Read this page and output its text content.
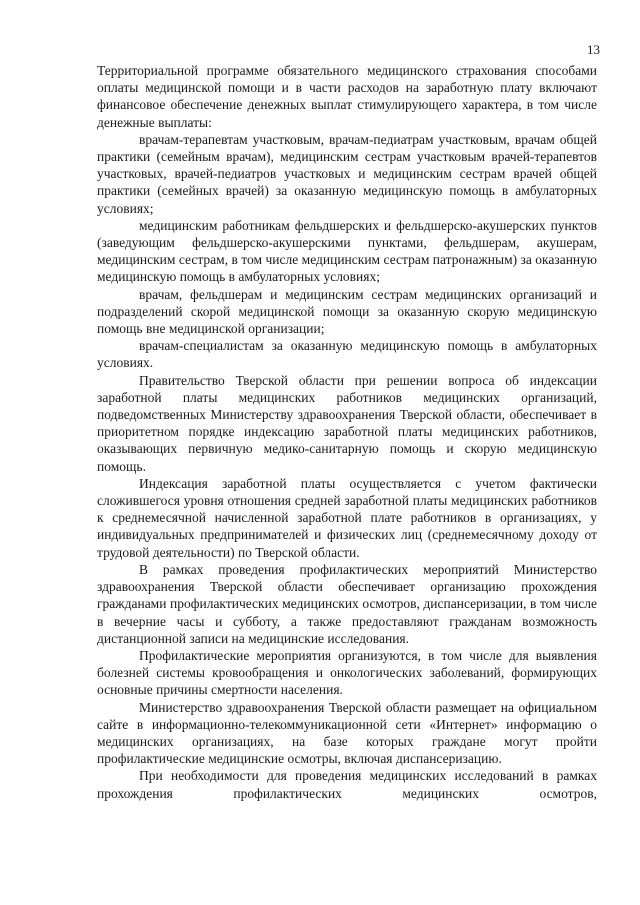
13

Территориальной программе обязательного медицинского страхования способами оплаты медицинской помощи и в части расходов на заработную плату включают финансовое обеспечение денежных выплат стимулирующего характера, в том числе денежные выплаты:

врачам-терапевтам участковым, врачам-педиатрам участковым, врачам общей практики (семейным врачам), медицинским сестрам участковым врачей-терапевтов участковых, врачей-педиатров участковых и медицинским сестрам врачей общей практики (семейных врачей) за оказанную медицинскую помощь в амбулаторных условиях;

медицинским работникам фельдшерских и фельдшерско-акушерских пунктов (заведующим фельдшерско-акушерскими пунктами, фельдшерам, акушерам, медицинским сестрам, в том числе медицинским сестрам патронажным) за оказанную медицинскую помощь в амбулаторных условиях;

врачам, фельдшерам и медицинским сестрам медицинских организаций и подразделений скорой медицинской помощи за оказанную скорую медицинскую помощь вне медицинской организации;

врачам-специалистам за оказанную медицинскую помощь в амбулаторных условиях.

Правительство Тверской области при решении вопроса об индексации заработной платы медицинских работников медицинских организаций, подведомственных Министерству здравоохранения Тверской области, обеспечивает в приоритетном порядке индексацию заработной платы медицинских работников, оказывающих первичную медико-санитарную помощь и скорую медицинскую помощь.

Индексация заработной платы осуществляется с учетом фактически сложившегося уровня отношения средней заработной платы медицинских работников к среднемесячной начисленной заработной плате работников в организациях, у индивидуальных предпринимателей и физических лиц (среднемесячному доходу от трудовой деятельности) по Тверской области.

В рамках проведения профилактических мероприятий Министерство здравоохранения Тверской области обеспечивает организацию прохождения гражданами профилактических медицинских осмотров, диспансеризации, в том числе в вечерние часы и субботу, а также предоставляют гражданам возможность дистанционной записи на медицинские исследования.

Профилактические мероприятия организуются, в том числе для выявления болезней системы кровообращения и онкологических заболеваний, формирующих основные причины смертности населения.

Министерство здравоохранения Тверской области размещает на официальном сайте в информационно-телекоммуникационной сети «Интернет» информацию о медицинских организациях, на базе которых граждане могут пройти профилактические медицинские осмотры, включая диспансеризацию.

При необходимости для проведения медицинских исследований в рамках прохождения профилактических медицинских осмотров,
